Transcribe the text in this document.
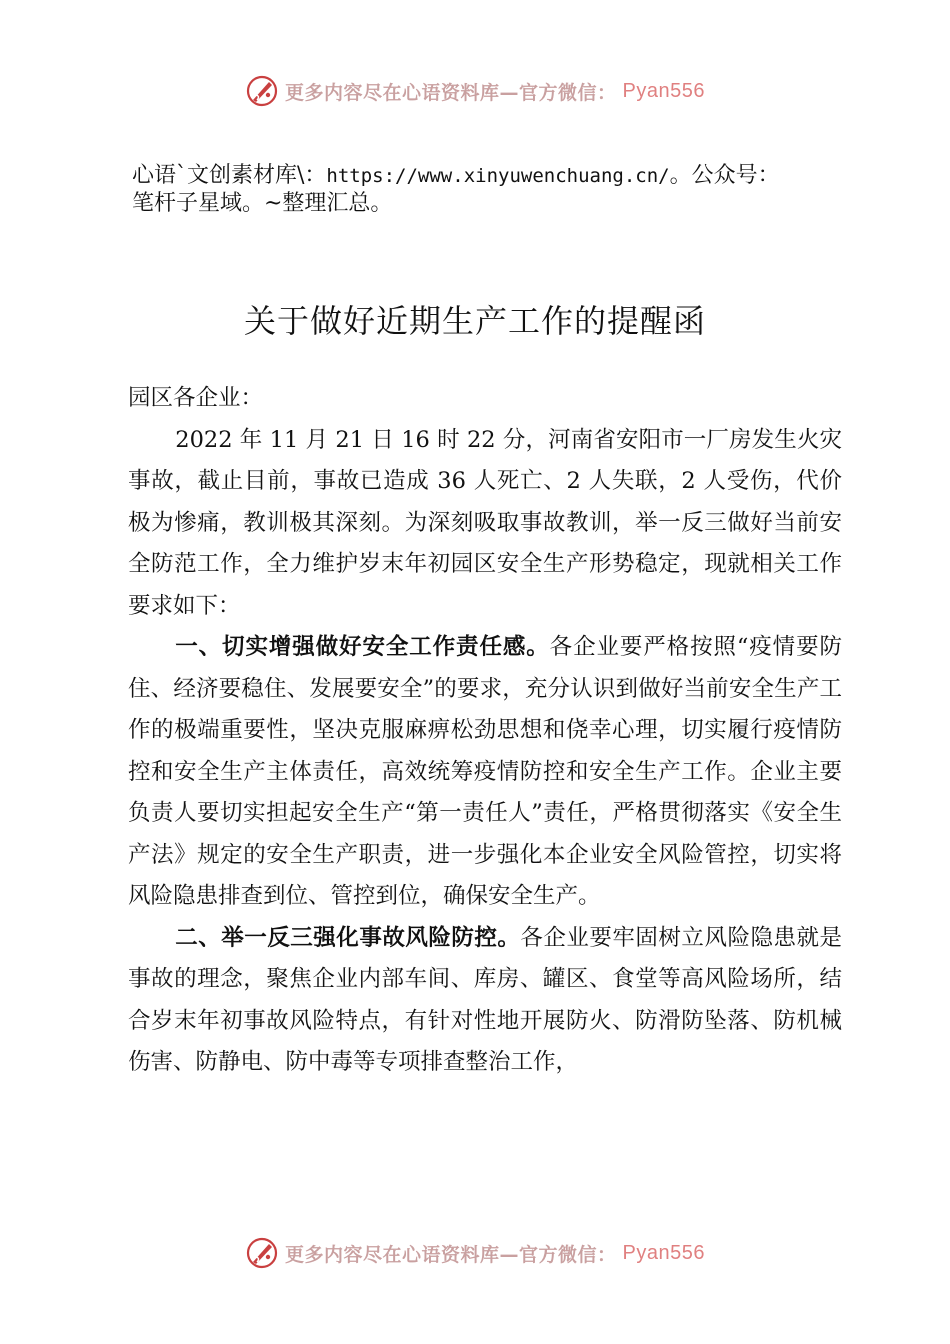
更多内容尽在心语资料库—官方微信： Pyan556
心语`文创素材库\：https://www.xinyuwenchuang.cn/。公众号：
笔杆子星域。~整理汇总。
关于做好近期生产工作的提醒函

园区各企业：

2022 年 11 月 21 日 16 时 22 分，河南省安阳市一厂房发生火灾事故，截止目前，事故已造成 36 人死亡、2 人失联，2 人受伤，代价极为惨痛，教训极其深刻。为深刻吸取事故教训，举一反三做好当前安全防范工作，全力维护岁末年初园区安全生产形势稳定，现就相关工作要求如下：

一、切实增强做好安全工作责任感。各企业要严格按照“疫情要防住、经济要稳住、发展要安全”的要求，充分认识到做好当前安全生产工作的极端重要性，坚决克服麻痹松劲思想和侥幸心理，切实履行疫情防控和安全生产主体责任，高效统筹疫情防控和安全生产工作。企业主要负责人要切实担起安全生产“第一责任人”责任，严格贯彻落实《安全生产法》规定的安全生产职责，进一步强化本企业安全风险管控，切实将风险隐患排查到位、管控到位，确保安全生产。

二、举一反三强化事故风险防控。各企业要牢固树立风险隐患就是事故的理念，聚焦企业内部车间、库房、罐区、食堂等高风险场所，结合岁末年初事故风险特点，有针对性地开展防火、防滑防坠落、防机械伤害、防静电、防中毒等专项排查整治工作，

更多内容尽在心语资料库—官方微信： Pyan556
